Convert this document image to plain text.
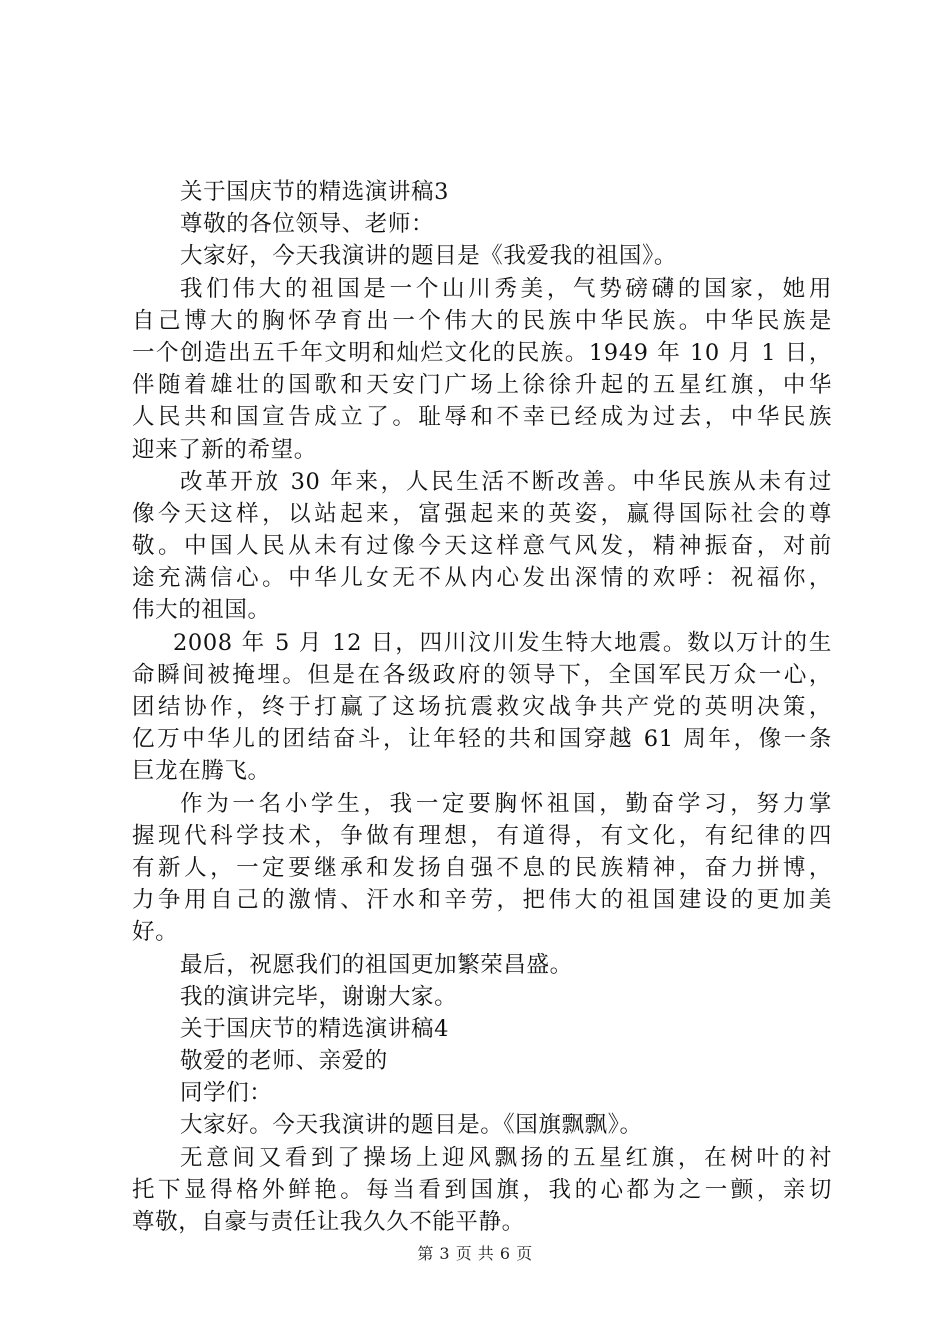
关于国庆节的精选演讲稿3
尊敬的各位领导、老师：
大家好，今天我演讲的题目是《我爱我的祖国》。
我们伟大的祖国是一个山川秀美，气势磅礴的国家，她用
自己博大的胸怀孕育出一个伟大的民族中华民族。中华民族是
一个创造出五千年文明和灿烂文化的民族。1949 年 10 月 1 日，
伴随着雄壮的国歌和天安门广场上徐徐升起的五星红旗，中华
人民共和国宣告成立了。耻辱和不幸已经成为过去，中华民族
迎来了新的希望。
改革开放 30 年来，人民生活不断改善。中华民族从未有过
像今天这样，以站起来，富强起来的英姿，赢得国际社会的尊
敬。中国人民从未有过像今天这样意气风发，精神振奋，对前
途充满信心。中华儿女无不从内心发出深情的欢呼：祝福你，
伟大的祖国。
2008 年 5 月 12 日，四川汶川发生特大地震。数以万计的生
命瞬间被掩埋。但是在各级政府的领导下，全国军民万众一心，
团结协作，终于打赢了这场抗震救灾战争共产党的英明决策，
亿万中华儿的团结奋斗，让年轻的共和国穿越 61 周年，像一条
巨龙在腾飞。
作为一名小学生，我一定要胸怀祖国，勤奋学习，努力掌
握现代科学技术，争做有理想，有道得，有文化，有纪律的四
有新人，一定要继承和发扬自强不息的民族精神，奋力拼博，
力争用自己的激情、汗水和辛劳，把伟大的祖国建设的更加美
好。
最后，祝愿我们的祖国更加繁荣昌盛。
我的演讲完毕，谢谢大家。
关于国庆节的精选演讲稿4
敬爱的老师、亲爱的
同学们：
大家好。今天我演讲的题目是。《国旗飘飘》。
无意间又看到了操场上迎风飘扬的五星红旗，在树叶的衬
托下显得格外鲜艳。每当看到国旗，我的心都为之一颤，亲切
尊敬，自豪与责任让我久久不能平静。
第 3 页 共 6 页
